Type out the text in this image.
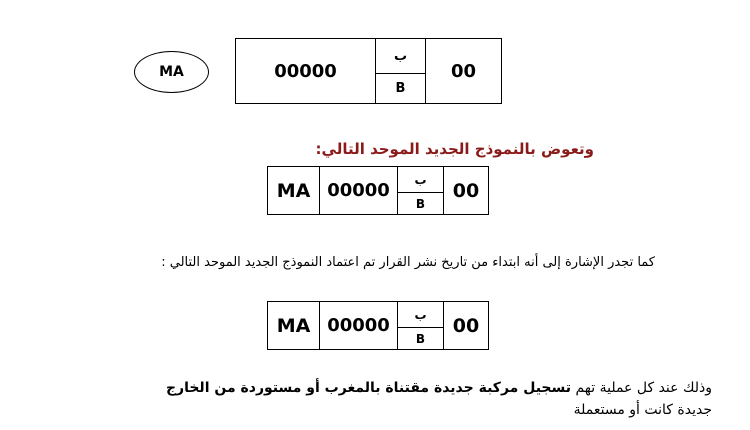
MA	00000
ب
B
00
وتعوض بالنموذج الجديد الموحد التالي:
MA 00000
ب
B
00
كما تجدر الإشارة إلى أنه ابتداء من تاريخ نشر القرار تم اعتماد النموذج الجديد الموحد التالي :
MA 00000
ب
B
00
وذلك عند كل عملية تهم تسجيل مركبة جديدة مقتناة بالمغرب أو مستوردة من الخارج جديدة كانت أو مستعملة
